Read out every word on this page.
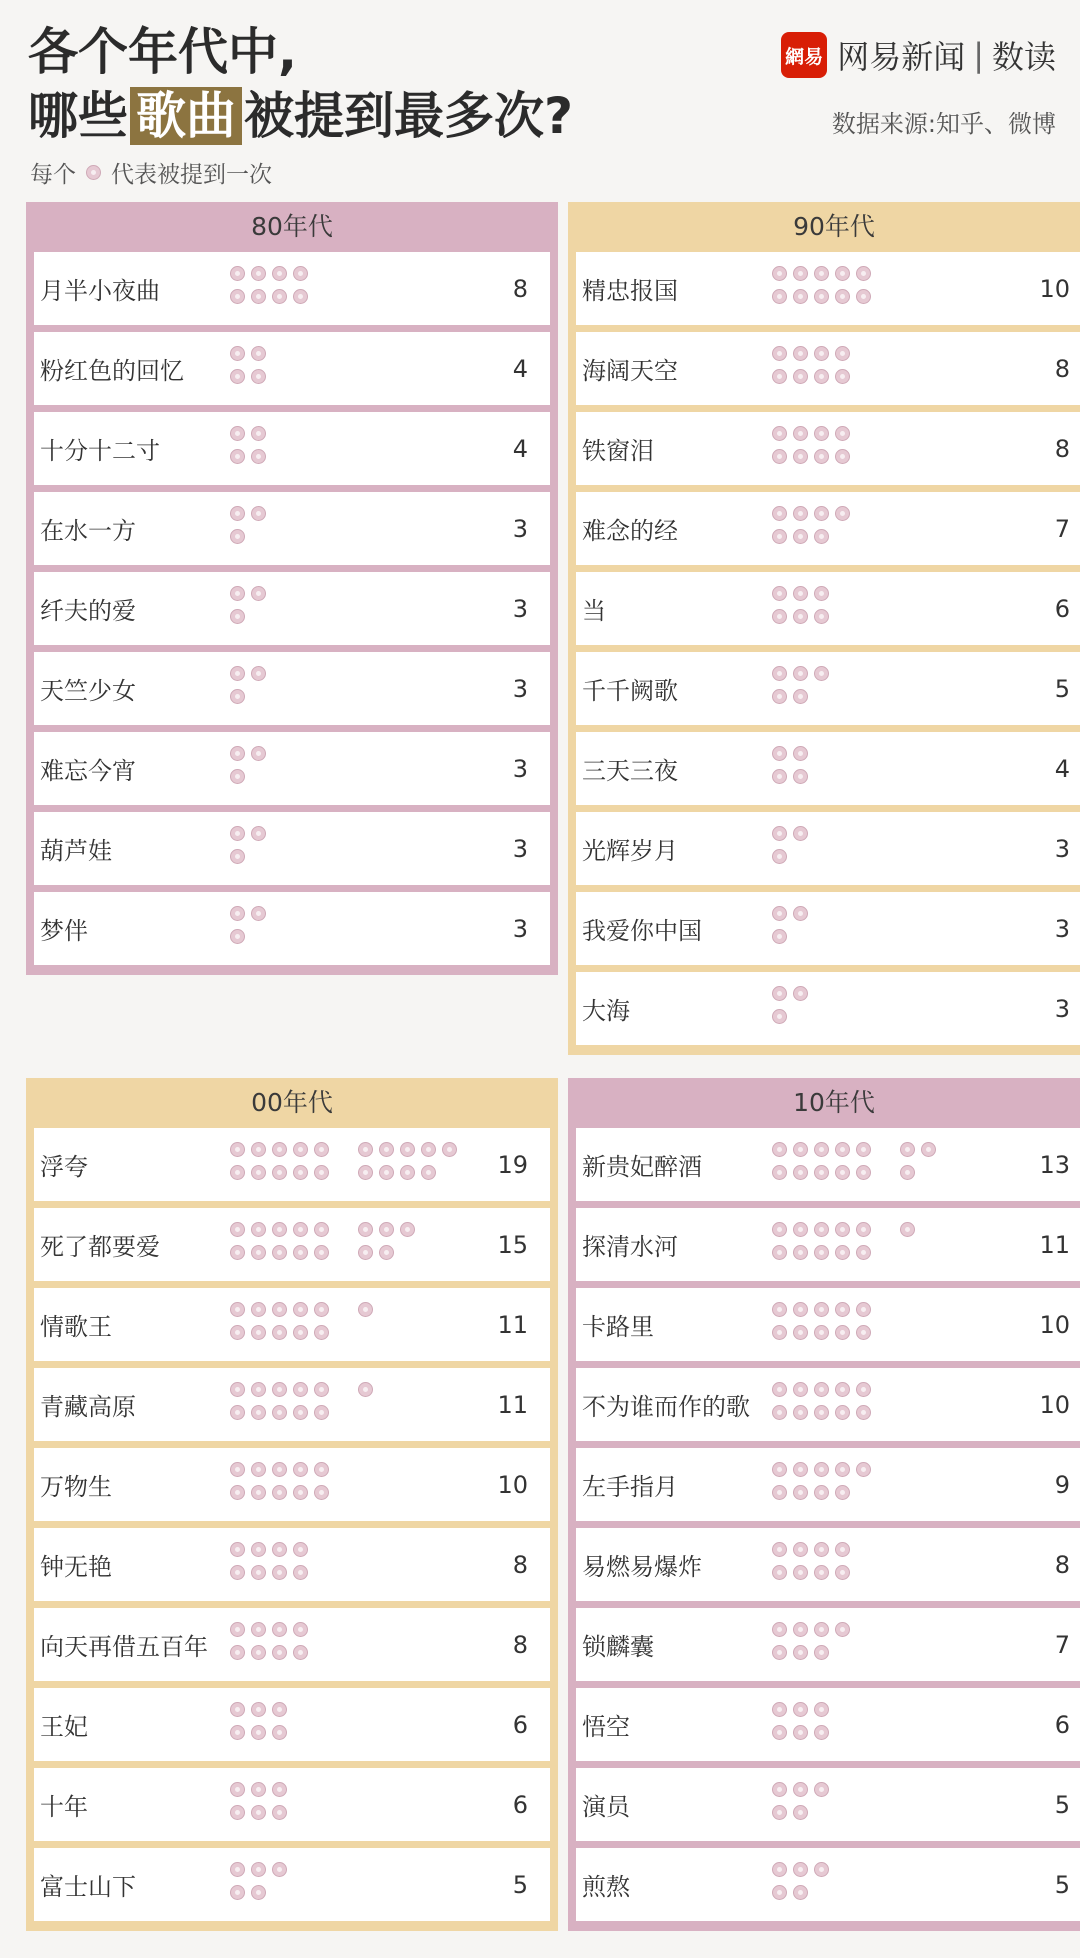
各个年代中,
哪些 歌曲 被提到最多次?
每个 代表被提到一次
網易 网易新闻 | 数读
数据来源:知乎、微博
80年代
月半小夜曲	8
粉红色的回忆	4
十分十二寸	4
在水一方	3
纤夫的爱	3
天竺少女	3
难忘今宵	3
葫芦娃	3
梦伴	3
90年代
精忠报国	10
海阔天空	8
铁窗泪	8
难念的经	7
当	6
千千阙歌	5
三天三夜	4
光辉岁月	3
我爱你中国	3
大海	3
00年代
浮夸	19
死了都要爱	15
情歌王	11
青藏高原	11
万物生	10
钟无艳	8
向天再借五百年	8
王妃	6
十年	6
富士山下	5
10年代
新贵妃醉酒	13
探清水河	11
卡路里	10
不为谁而作的歌	10
左手指月	9
易燃易爆炸	8
锁麟囊	7
悟空	6
演员	5
煎熬	5
